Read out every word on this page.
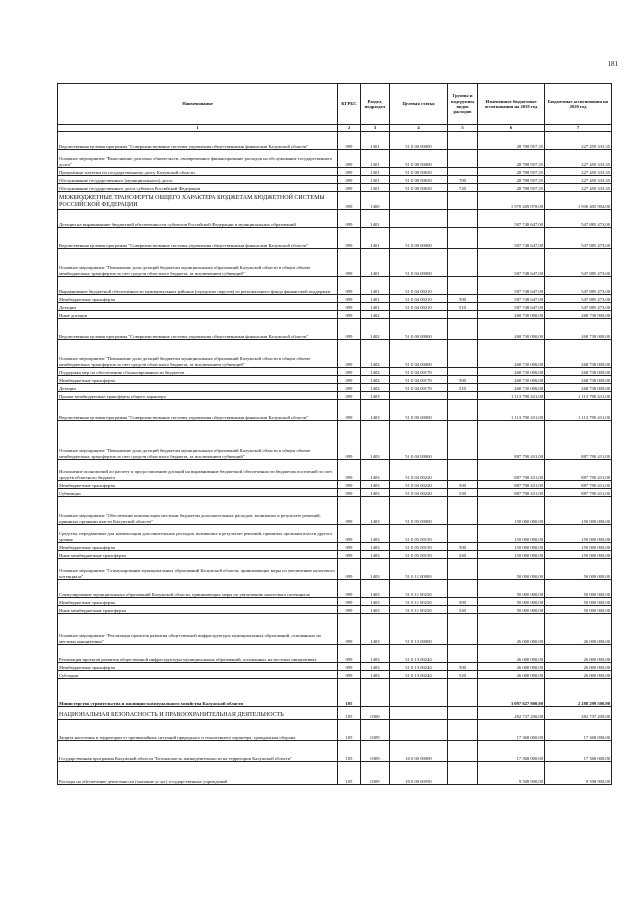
181
Наименование	КГРБС	Раздел, подраздел	Целевая статья	Группы и подгруппы видов расходов	Измененные бюджетные ассигнования на 2019 год	Бюджетные ассигнования на 2020 год
1	2	3	4	5	6	7
Ведомственная целевая программа "Совершенствование системы управления общественными финансами Калужской области"	099	1301	51 0 00 00000		28 788 957,35	227 459 333,35
Основное мероприятие "Выполнение долговых обязательств, своевременное финансирование расходов на обслуживание государственного долга"	099	1301	51 0 08 00000		28 788 957,35	227 459 333,35
Процентные платежи по государственному долгу Калужской области	099	1301	51 0 08 00650		28 788 957,35	227 459 333,35
Обслуживание государственного (муниципального) долга	099	1301	51 0 08 00650	700	28 788 957,35	227 459 333,35
Обслуживание государственного долга субъекта Российской Федерации	099	1301	51 0 08 00650	720	28 788 957,35	227 459 333,35
МЕЖБЮДЖЕТНЫЕ ТРАНСФЕРТЫ ОБЩЕГО ХАРАКТЕРА БЮДЖЕТАМ БЮДЖЕТНОЙ СИСТЕМЫ РОССИЙСКОЙ ФЕДЕРАЦИИ	099	1400			1 970 269 078,00	1 930 405 904,00
Дотации на выравнивание бюджетной обеспеченности субъектов Российской Федерации и муниципальных образований	099	1401			587 748 647,00	547 885 473,00
Ведомственная целевая программа "Совершенствование системы управления общественными финансами Калужской области"	099	1401	51 0 00 00000		587 748 647,00	547 885 473,00
Основное мероприятие "Повышение доли дотаций бюджетам муниципальных образований Калужской области в общем объеме межбюджетных трансфертов за счет средств областного бюджета, за исключением субвенций"	099	1401	51 0 04 00000		587 748 647,00	547 885 473,00
Выравнивание бюджетной обеспеченности муниципальных районов (городских округов) из регионального фонда финансовой поддержки	099	1401	51 0 04 00210		587 748 647,00	547 885 473,00
Межбюджетные трансферты	099	1401	51 0 04 00210	500	587 748 647,00	547 885 473,00
Дотации	099	1401	51 0 04 00210	510	587 748 647,00	547 885 473,00
Иные дотации	099	1402			268 730 000,00	268 730 000,00
Ведомственная целевая программа "Совершенствование системы управления общественными финансами Калужской области"	099	1402	51 0 00 00000		268 730 000,00	268 730 000,00
Основное мероприятие "Повышение доли дотаций бюджетам муниципальных образований Калужской области в общем объеме межбюджетных трансфертов за счет средств областного бюджета, за исключением субвенций"	099	1402	51 0 04 00000		268 730 000,00	268 730 000,00
Поддержка мер по обеспечению сбалансированности бюджетов	099	1402	51 0 04 00170		268 730 000,00	268 730 000,00
Межбюджетные трансферты	099	1402	51 0 04 00170	500	268 730 000,00	268 730 000,00
Дотации	099	1402	51 0 04 00170	510	268 730 000,00	268 730 000,00
Прочие межбюджетные трансферты общего характера	099	1403			1 113 790 431,00	1 113 790 431,00
Ведомственная целевая программа "Совершенствование системы управления общественными финансами Калужской области"	099	1403	51 0 00 00000		1 113 790 431,00	1 113 790 431,00
Основное мероприятие "Повышение доли дотаций бюджетам муниципальных образований Калужской области в общем объеме межбюджетных трансфертов за счет средств областного бюджета, за исключением субвенций"	099	1403	51 0 04 00000		887 790 431,00	887 790 431,00
Исполнение полномочий по расчету и предоставлению дотаций на выравнивание бюджетной обеспеченности бюджетам поселений за счет средств областного бюджета	099	1403	51 0 04 00220		887 790 431,00	887 790 431,00
Межбюджетные трансферты	099	1403	51 0 04 00220	500	887 790 431,00	887 790 431,00
Субвенции	099	1403	51 0 04 00220	530	887 790 431,00	887 790 431,00
Основное мероприятие "Обеспечение компенсации местным бюджетам дополнительных расходов, возникших в результате решений, принятых органами власти Калужской области"	099	1403	51 0 05 00000		150 000 000,00	150 000 000,00
Средства, передаваемые для компенсации дополнительных расходов, возникших в результате решений, принятых органами власти другого уровня	099	1403	51 0 05 00150		150 000 000,00	150 000 000,00
Межбюджетные трансферты	099	1403	51 0 05 00150	500	150 000 000,00	150 000 000,00
Иные межбюджетные трансферты	099	1403	51 0 05 00150	540	150 000 000,00	150 000 000,00
Основное мероприятие "Стимулирование муниципальных образований Калужской области, принимающих меры по увеличению налогового потенциала"	099	1403	51 0 11 00000		50 000 000,00	50 000 000,00
Стимулирование муниципальных образований Калужской области, принимающих меры по увеличению налогового потенциала	099	1403	51 0 11 00230		50 000 000,00	50 000 000,00
Межбюджетные трансферты	099	1403	51 0 11 00230	500	50 000 000,00	50 000 000,00
Иные межбюджетные трансферты	099	1403	51 0 11 00230	540	50 000 000,00	50 000 000,00
Основное мероприятие "Реализация проектов развития общественной инфраструктуры муниципальных образований, основанных на местных инициативах"	099	1403	51 0 13 00000		26 000 000,00	26 000 000,00
Реализация проектов развития общественной инфраструктуры муниципальных образований, основанных на местных инициативах	099	1403	51 0 13 00240		26 000 000,00	26 000 000,00
Межбюджетные трансферты	099	1403	51 0 13 00240	500	26 000 000,00	26 000 000,00
Субсидии	099	1403	51 0 13 00240	520	26 000 000,00	26 000 000,00
Министерство строительства и жилищно-коммунального хозяйства Калужской области	105				3 097 627 000,00	2 288 299 500,00
НАЦИОНАЛЬНАЯ БЕЗОПАСНОСТЬ И ПРАВООХРАНИТЕЛЬНАЯ ДЕЯТЕЛЬНОСТЬ	105	0300			282 737 200,00	282 737 200,00
Защита населения и территории от чрезвычайных ситуаций природного и техногенного характера, гражданская оборона	105	0309			17 368 000,00	17 368 000,00
Государственная программа Калужской области "Безопасность жизнедеятельности на территории Калужской области"	105	0309	10 0 00 00000		17 368 000,00	17 368 000,00
Расходы на обеспечение деятельности (оказание услуг) государственных учреждений	105	0309	10 0 00 00590		9 508 900,00	9 508 900,00
